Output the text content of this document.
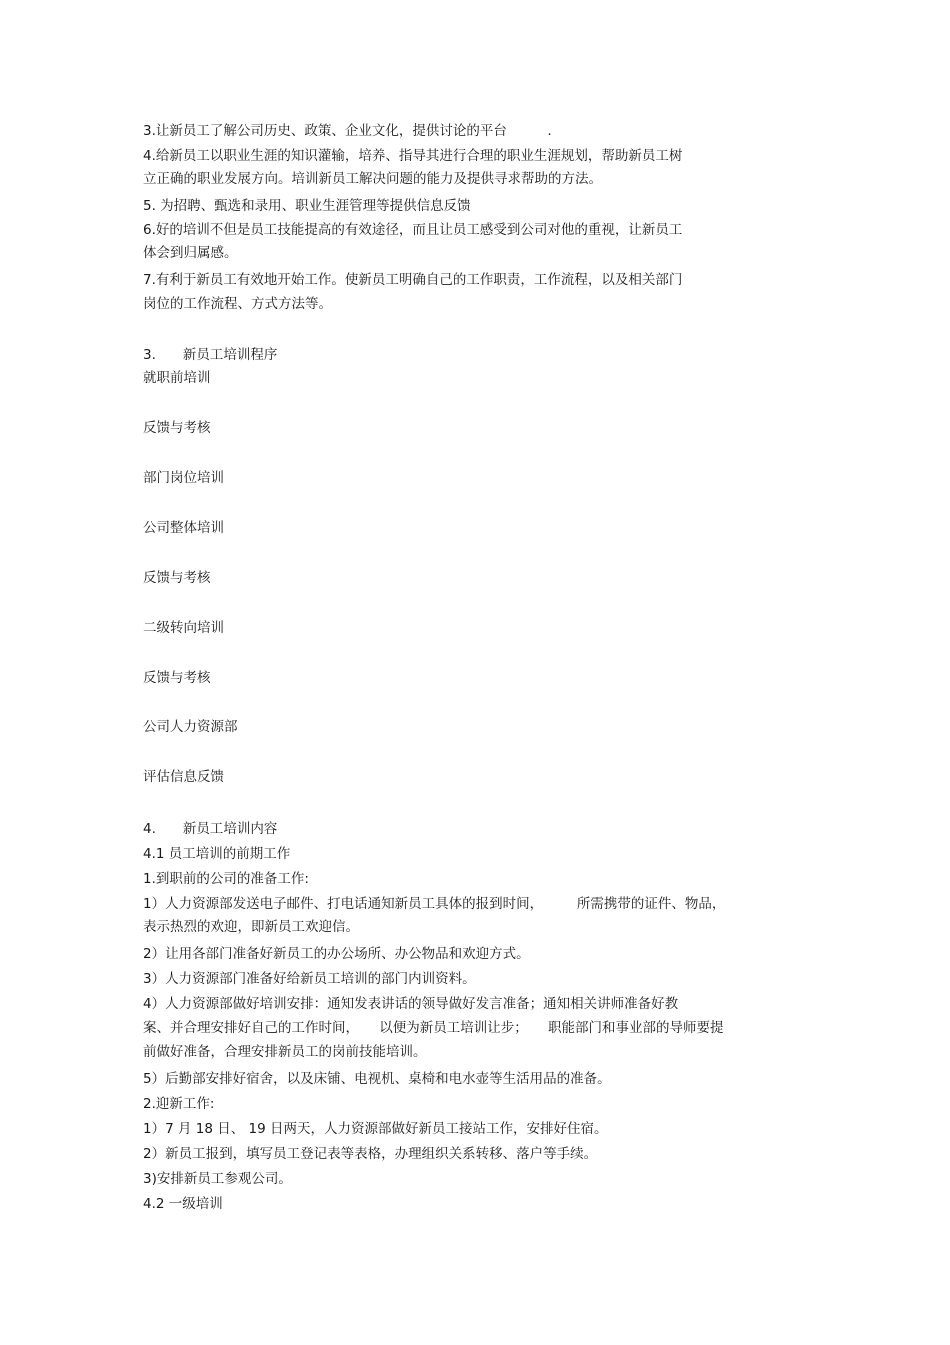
3.让新员工了解公司历史、政策、企业文化，提供讨论的平台　　　.
4.给新员工以职业生涯的知识灌输，培养、指导其进行合理的职业生涯规划，帮助新员工树
立正确的职业发展方向。培训新员工解决问题的能力及提供寻求帮助的方法。
5. 为招聘、甄选和录用、职业生涯管理等提供信息反馈
6.好的培训不但是员工技能提高的有效途径，而且让员工感受到公司对他的重视，让新员工
体会到归属感。
7.有利于新员工有效地开始工作。使新员工明确自己的工作职责，工作流程，以及相关部门
岗位的工作流程、方式方法等。
3.　　新员工培训程序
就职前培训
反馈与考核
部门岗位培训
公司整体培训
反馈与考核
二级转向培训
反馈与考核
公司人力资源部
评估信息反馈
4.　　新员工培训内容
4.1 员工培训的前期工作
1.到职前的公司的准备工作:
1）人力资源部发送电子邮件、打电话通知新员工具体的报到时间，　　　所需携带的证件、物品，
表示热烈的欢迎，即新员工欢迎信。
2）让用各部门准备好新员工的办公场所、办公物品和欢迎方式。
3）人力资源部门准备好给新员工培训的部门内训资料。
4）人力资源部做好培训安排：通知发表讲话的领导做好发言准备；通知相关讲师准备好教
案、并合理安排好自己的工作时间，　　以便为新员工培训让步；　　职能部门和事业部的导师要提
前做好准备，合理安排新员工的岗前技能培训。
5）后勤部安排好宿舍，以及床铺、电视机、桌椅和电水壶等生活用品的准备。
2.迎新工作:
1）7 月 18 日、 19 日两天，人力资源部做好新员工接站工作，安排好住宿。
2）新员工报到，填写员工登记表等表格，办理组织关系转移、落户等手续。
3)安排新员工参观公司。
4.2 一级培训
